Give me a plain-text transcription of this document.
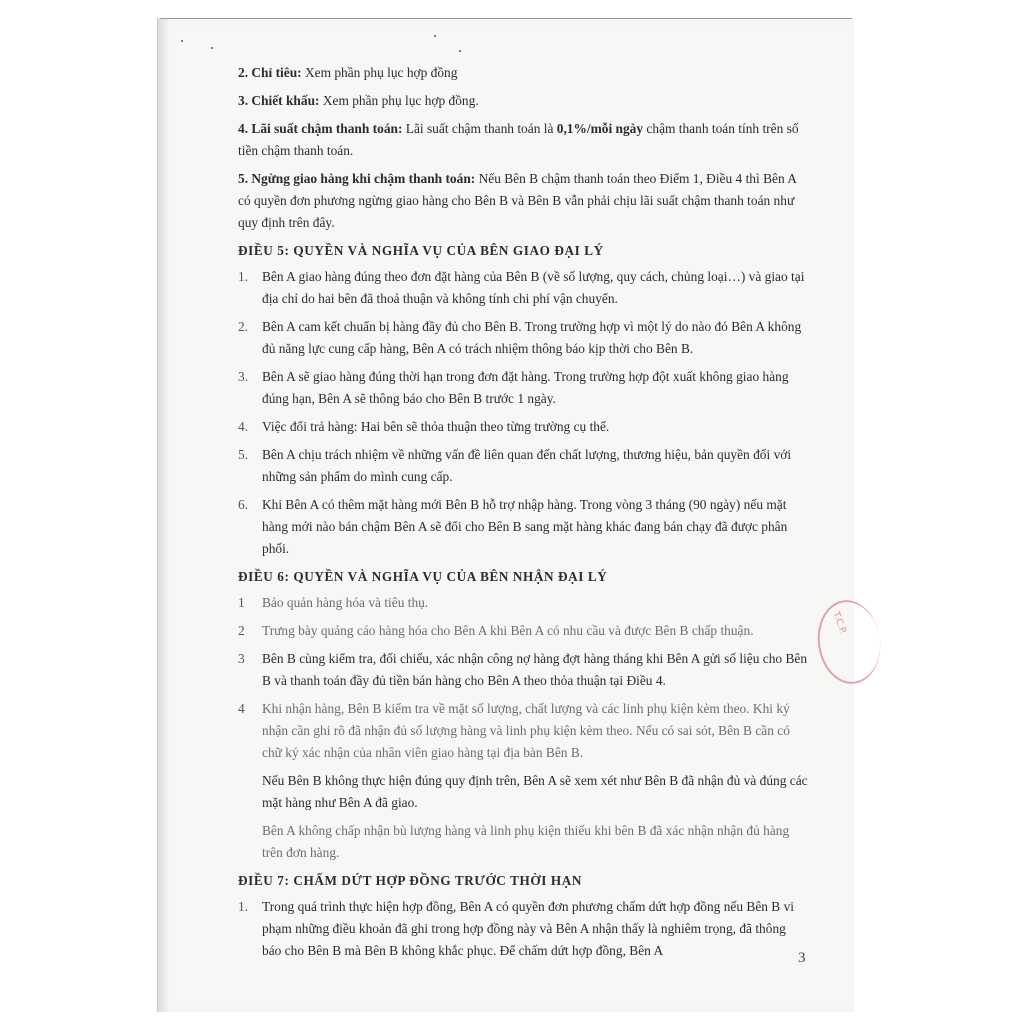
2. Chỉ tiêu: Xem phần phụ lục hợp đồng

3. Chiết khấu: Xem phần phụ lục hợp đồng.

4. Lãi suất chậm thanh toán: Lãi suất chậm thanh toán là 0,1%/mỗi ngày chậm thanh toán tính trên số tiền chậm thanh toán.

5. Ngừng giao hàng khi chậm thanh toán: Nếu Bên B chậm thanh toán theo Điểm 1, Điều 4 thì Bên A có quyền đơn phương ngừng giao hàng cho Bên B và Bên B vẫn phải chịu lãi suất chậm thanh toán như quy định trên đây.

ĐIỀU 5: QUYỀN VÀ NGHĨA VỤ CỦA BÊN GIAO ĐẠI LÝ
1.	Bên A giao hàng đúng theo đơn đặt hàng của Bên B (về số lượng, quy cách, chủng loại…) và giao tại địa chỉ do hai bên đã thoả thuận và không tính chi phí vận chuyển.
2.	Bên A cam kết chuẩn bị hàng đầy đủ cho Bên B. Trong trường hợp vì một lý do nào đó Bên A không đủ năng lực cung cấp hàng, Bên A có trách nhiệm thông báo kịp thời cho Bên B.
3.	Bên A sẽ giao hàng đúng thời hạn trong đơn đặt hàng. Trong trường hợp đột xuất không giao hàng đúng hạn, Bên A sẽ thông báo cho Bên B trước 1 ngày.
4.	Việc đổi trả hàng: Hai bên sẽ thỏa thuận theo từng trường cụ thể.
5.	Bên A chịu trách nhiệm về những vấn đề liên quan đến chất lượng, thương hiệu, bản quyền đối với những sản phẩm do mình cung cấp.
6.	Khi Bên A có thêm mặt hàng mới Bên B hỗ trợ nhập hàng. Trong vòng 3 tháng (90 ngày) nếu mặt hàng mới nào bán chậm Bên A sẽ đổi cho Bên B sang mặt hàng khác đang bán chạy đã được phân phối.
ĐIỀU 6: QUYỀN VÀ NGHĨA VỤ CỦA BÊN NHẬN ĐẠI LÝ
1	Bảo quản hàng hóa và tiêu thụ.
2	Trưng bày quảng cáo hàng hóa cho Bên A khi Bên A có nhu cầu và được Bên B chấp thuận.
3	Bên B cùng kiểm tra, đối chiếu, xác nhận công nợ hàng đợt hàng tháng khi Bên A gửi số liệu cho Bên B và thanh toán đầy đủ tiền bán hàng cho Bên A theo thỏa thuận tại Điều 4.
4	Khi nhận hàng, Bên B kiểm tra về mặt số lượng, chất lượng và các linh phụ kiện kèm theo. Khi ký nhận cần ghi rõ đã nhận đủ số lượng hàng và linh phụ kiện kèm theo. Nếu có sai sót, Bên B cần có chữ ký xác nhận của nhân viên giao hàng tại địa bàn Bên B.
Nếu Bên B không thực hiện đúng quy định trên, Bên A sẽ xem xét như Bên B đã nhận đủ và đúng các mặt hàng như Bên A đã giao.
Bên A không chấp nhận bù lượng hàng và linh phụ kiện thiếu khi bên B đã xác nhận nhận đủ hàng trên đơn hàng.
ĐIỀU 7: CHẤM DỨT HỢP ĐỒNG TRƯỚC THỜI HẠN
1.	Trong quá trình thực hiện hợp đồng, Bên A có quyền đơn phương chấm dứt hợp đồng nếu Bên B vi phạm những điều khoản đã ghi trong hợp đồng này và Bên A nhận thấy là nghiêm trọng, đã thông báo cho Bên B mà Bên B không khắc phục. Để chấm dứt hợp đồng, Bên A
T.C.P.
3
